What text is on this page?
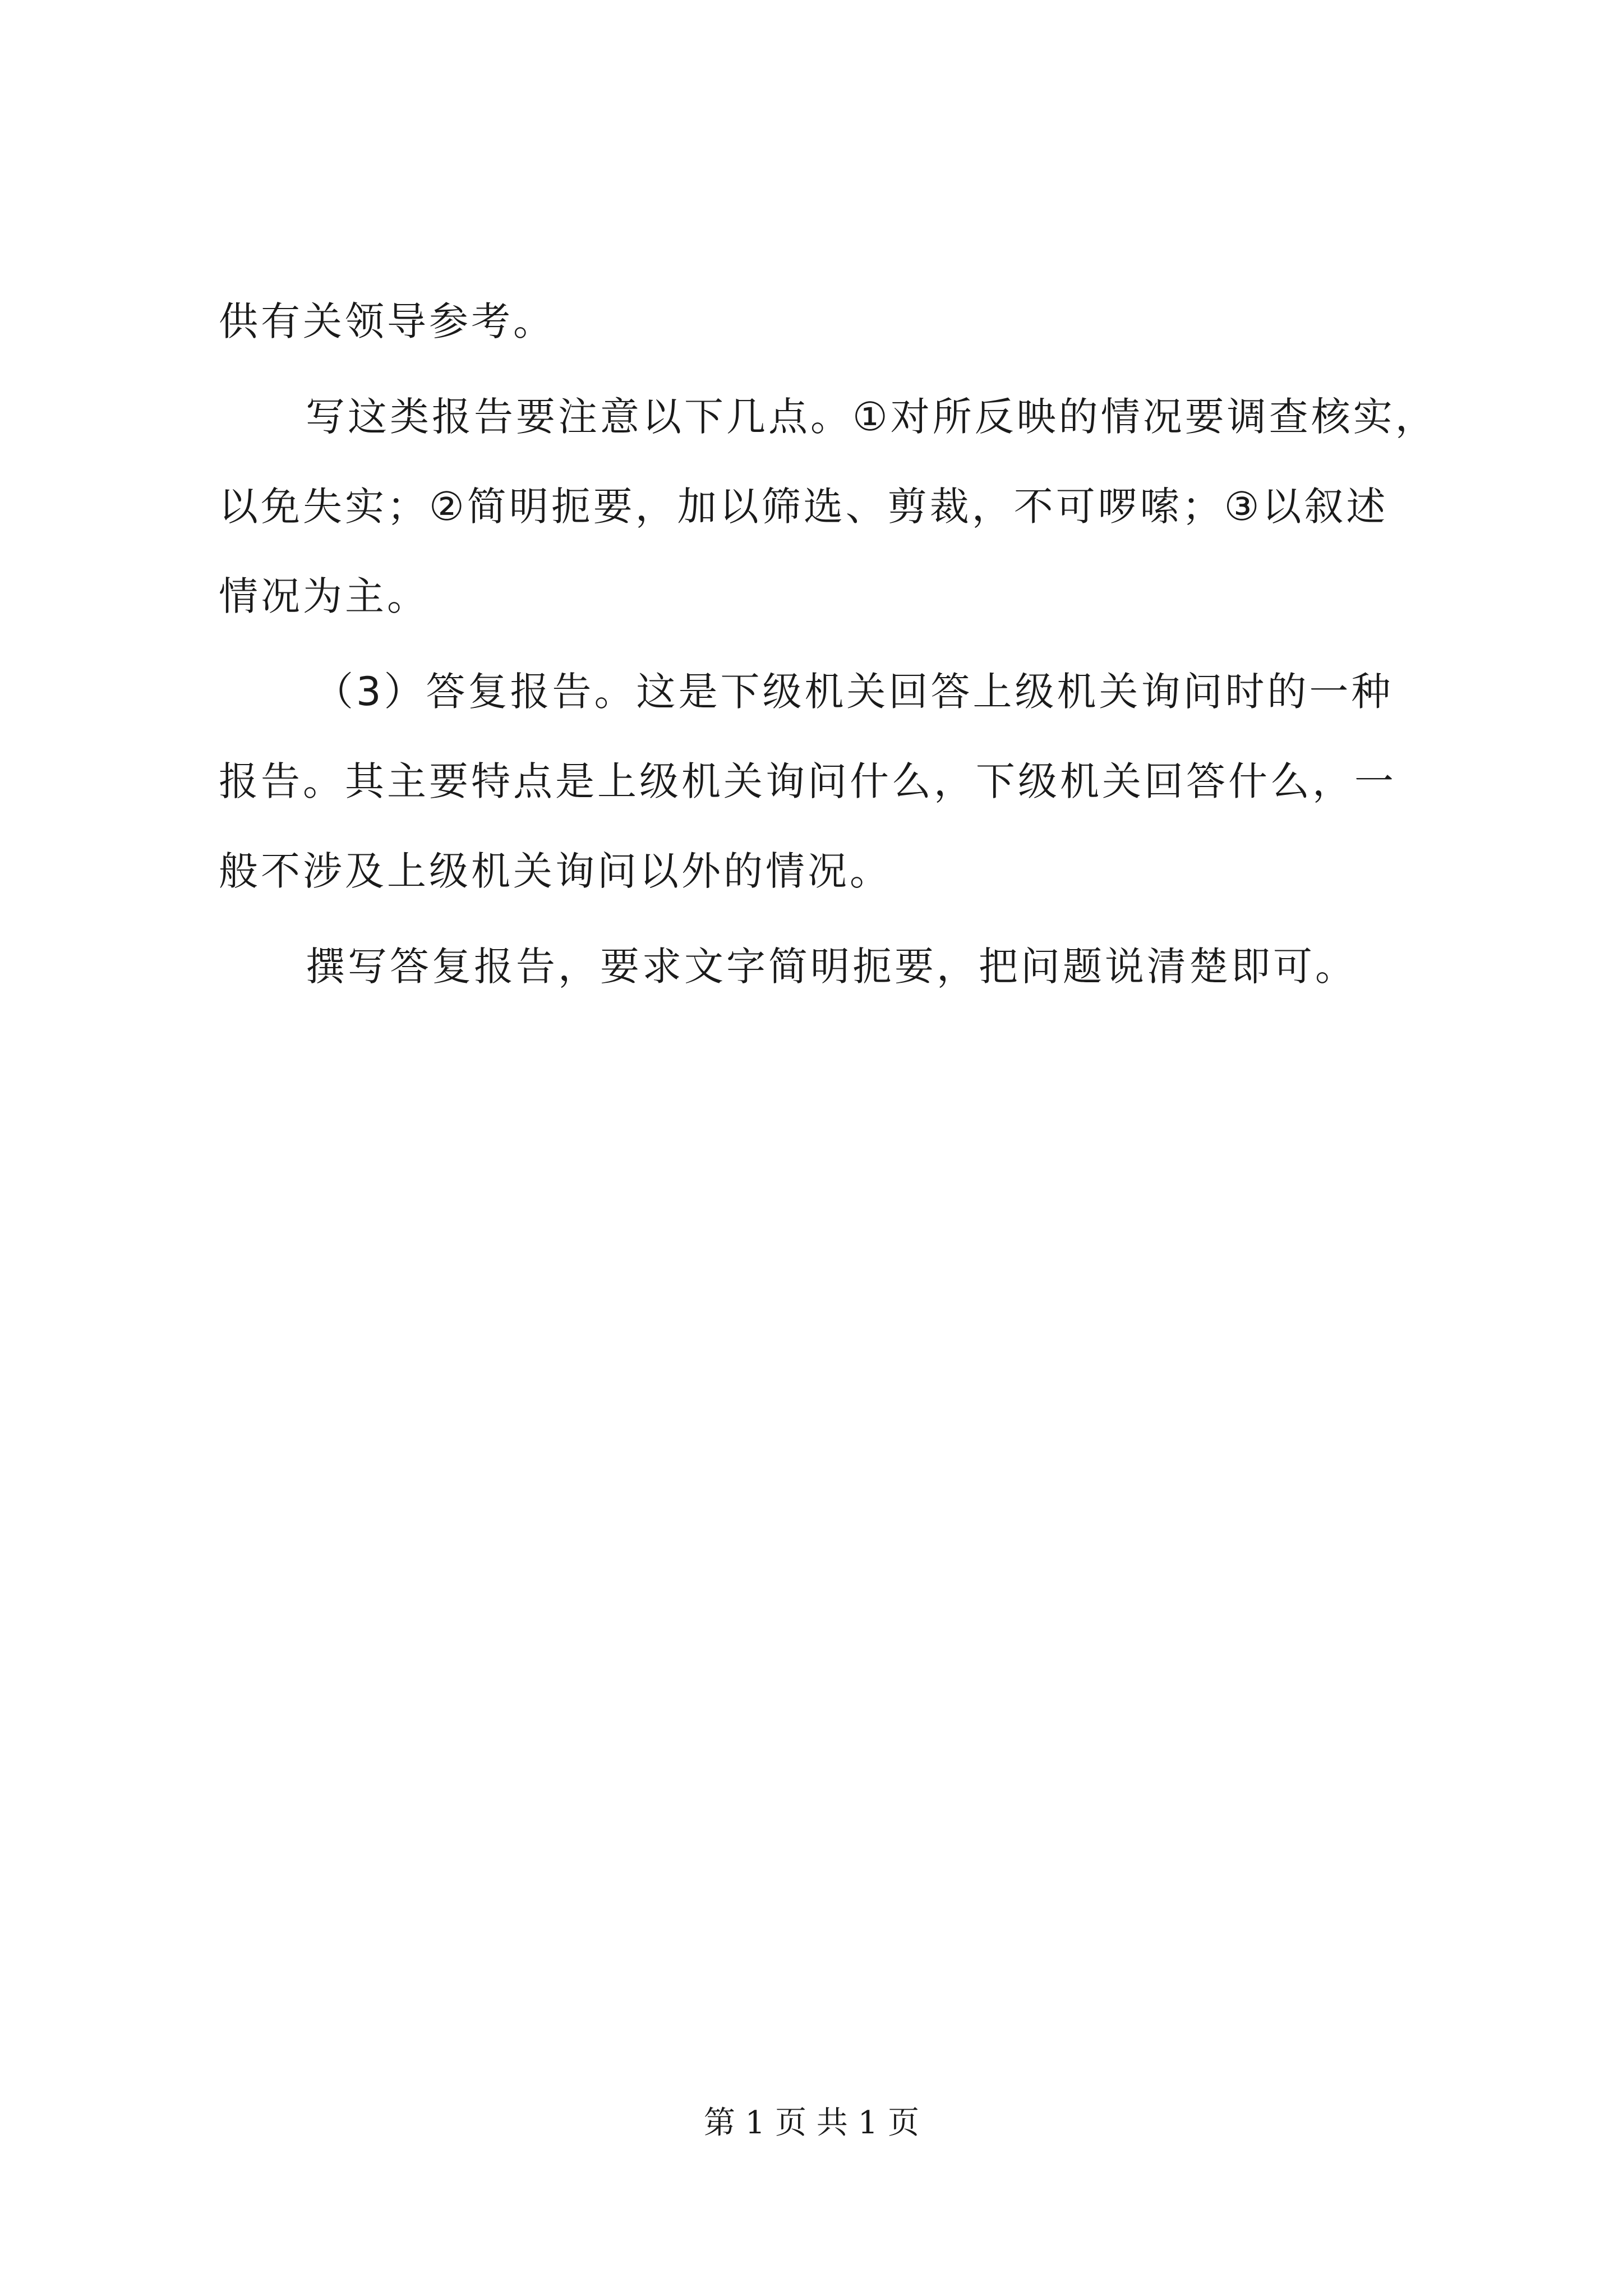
供有关领导参考。
写这类报告要注意以下几点。①对所反映的情况要调查核实，
以免失实；②简明扼要，加以筛选、剪裁，不可啰嗦；③以叙述
情况为主。
（3）答复报告。这是下级机关回答上级机关询问时的一种
报告。其主要特点是上级机关询问什么，下级机关回答什么，一
般不涉及上级机关询问以外的情况。
撰写答复报告，要求文字简明扼要，把问题说清楚即可。
第 1 页 共 1 页
